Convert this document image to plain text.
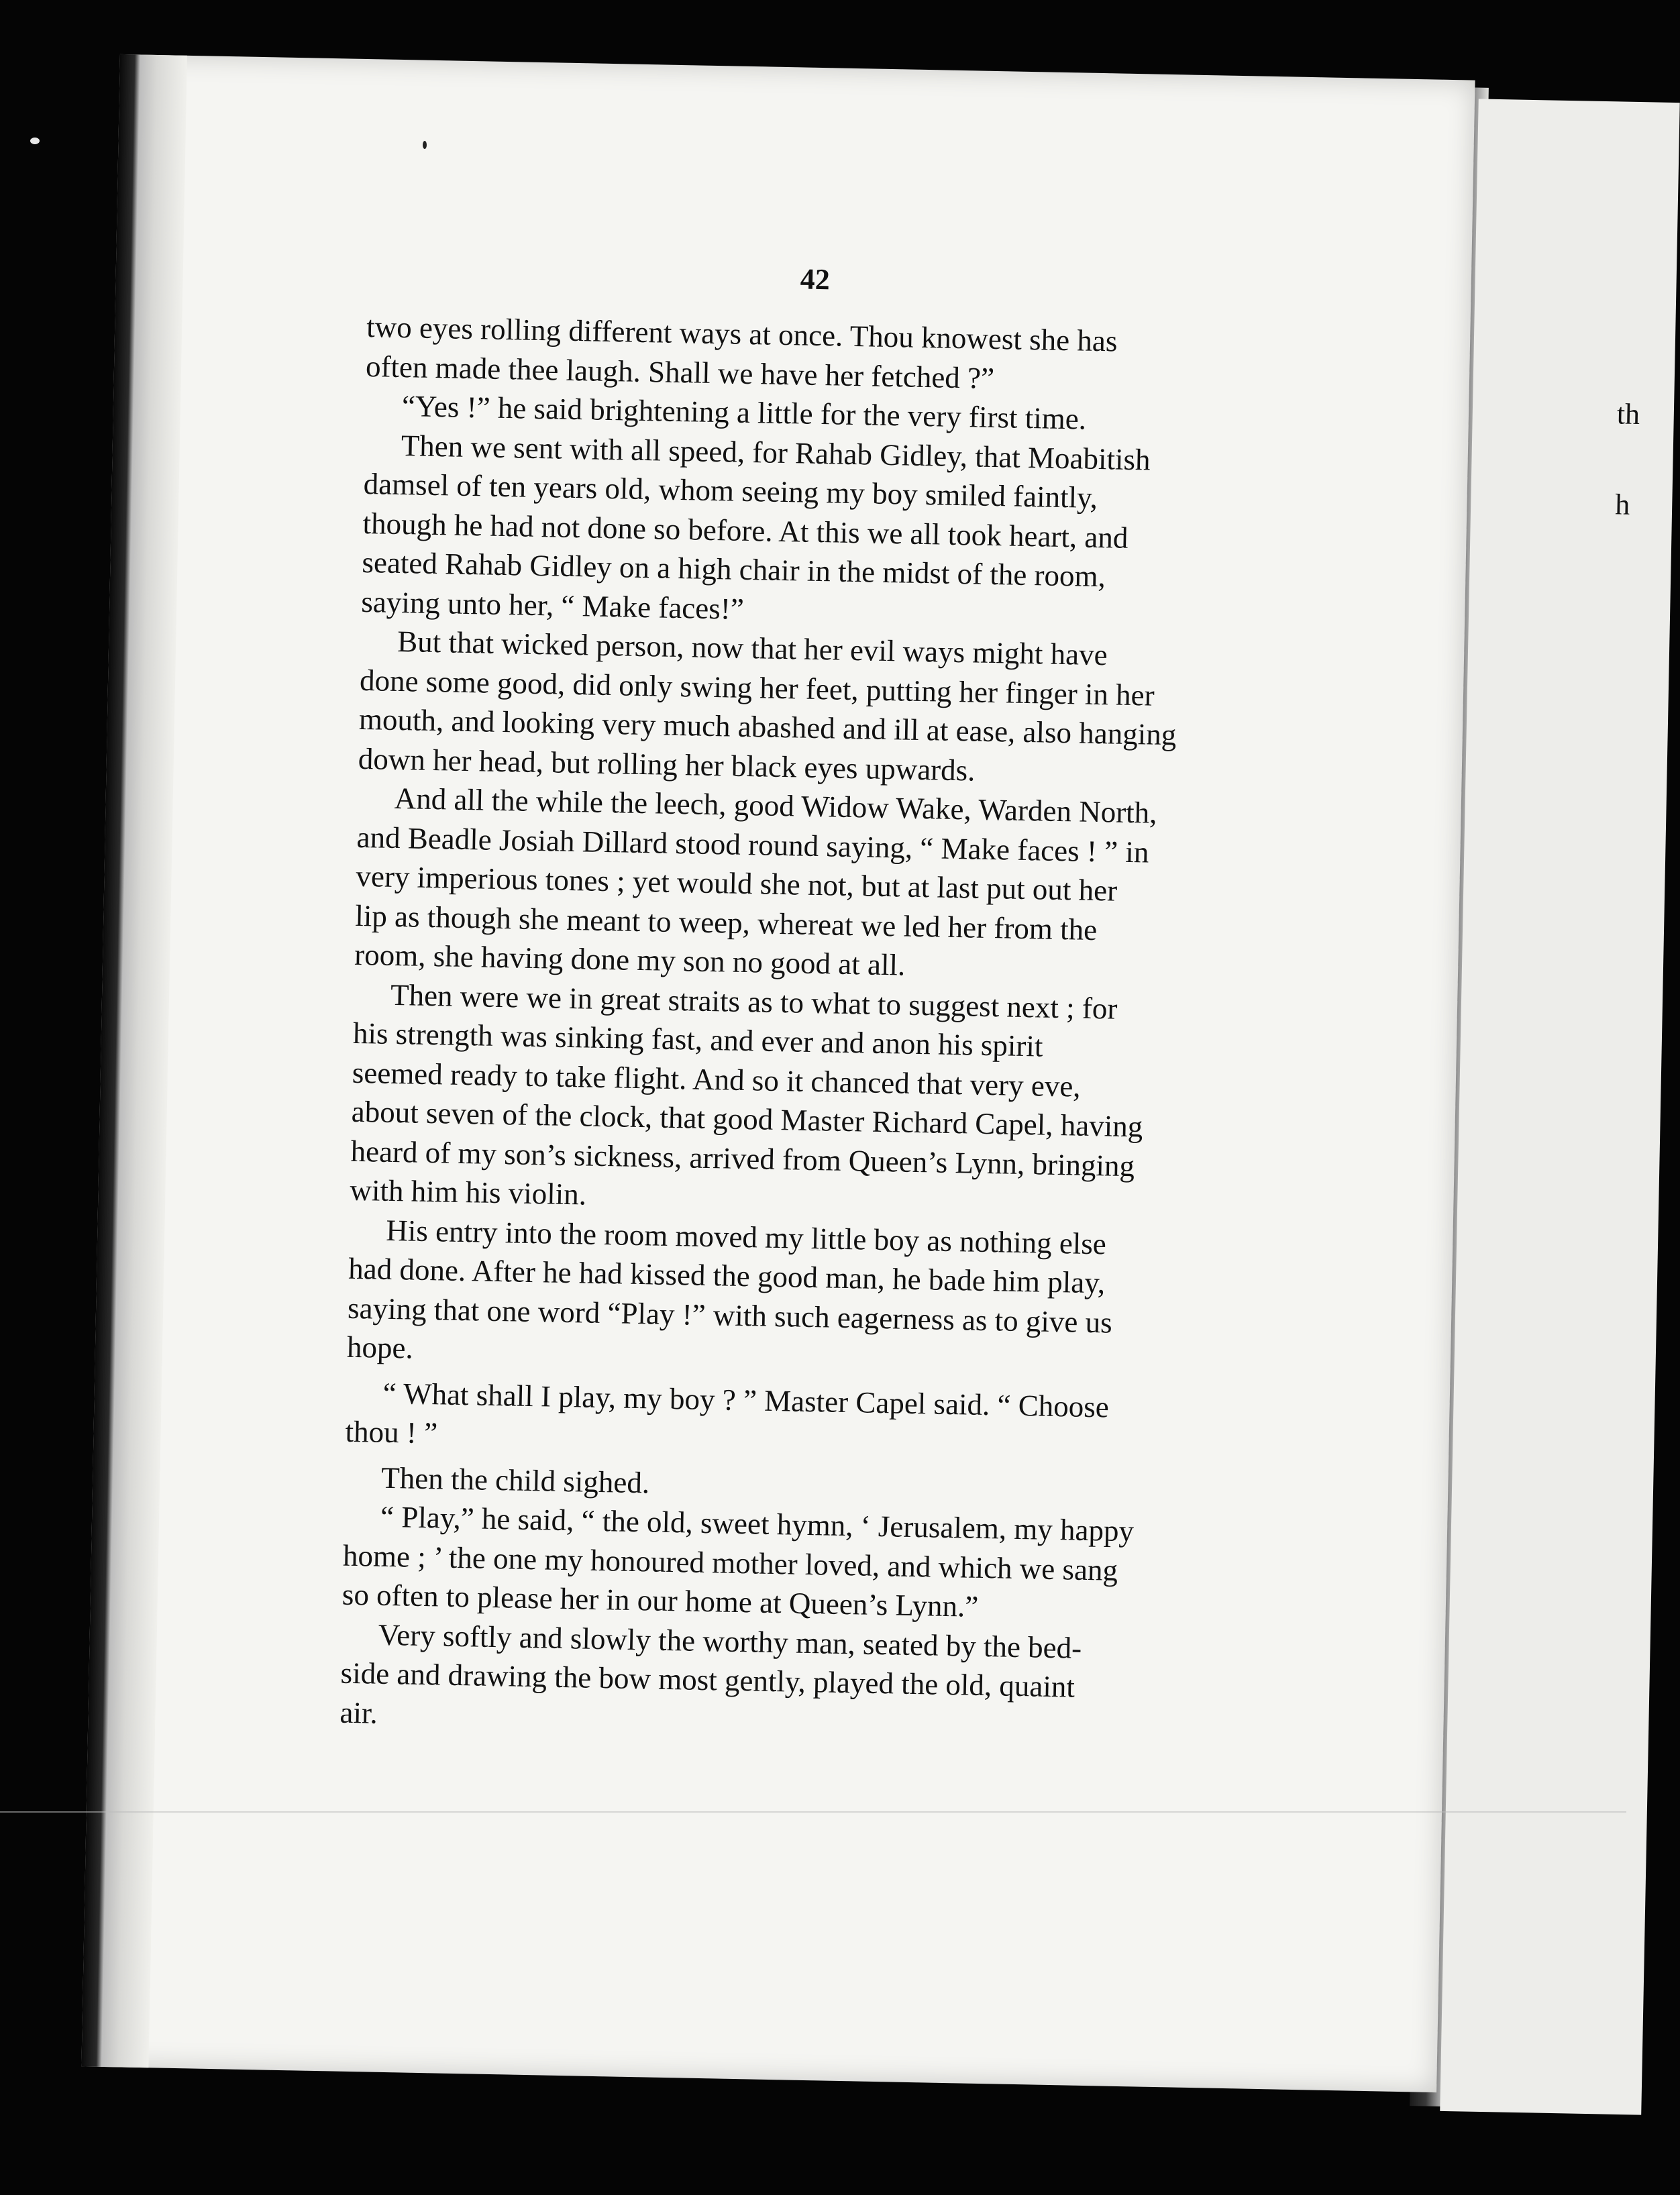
th
h
42
two eyes rolling different ways at once. Thou knowest she has
often made thee laugh. Shall we have her fetched ?”
“Yes !” he said brightening a little for the very first time.
Then we sent with all speed, for Rahab Gidley, that Moabitish
damsel of ten years old, whom seeing my boy smiled faintly,
though he had not done so before. At this we all took heart, and
seated Rahab Gidley on a high chair in the midst of the room,
saying unto her, “ Make faces!”
But that wicked person, now that her evil ways might have
done some good, did only swing her feet, putting her finger in her
mouth, and looking very much abashed and ill at ease, also hanging
down her head, but rolling her black eyes upwards.
And all the while the leech, good Widow Wake, Warden North,
and Beadle Josiah Dillard stood round saying, “ Make faces ! ” in
very imperious tones ; yet would she not, but at last put out her
lip as though she meant to weep, whereat we led her from the
room, she having done my son no good at all.
Then were we in great straits as to what to suggest next ; for
his strength was sinking fast, and ever and anon his spirit
seemed ready to take flight. And so it chanced that very eve,
about seven of the clock, that good Master Richard Capel, having
heard of my son’s sickness, arrived from Queen’s Lynn, bringing
with him his violin.
His entry into the room moved my little boy as nothing else
had done. After he had kissed the good man, he bade him play,
saying that one word “Play !” with such eagerness as to give us
hope.
“ What shall I play, my boy ? ” Master Capel said. “ Choose
thou ! ”
Then the child sighed.
“ Play,” he said, “ the old, sweet hymn, ‘ Jerusalem, my happy
home ; ’ the one my honoured mother loved, and which we sang
so often to please her in our home at Queen’s Lynn.”
Very softly and slowly the worthy man, seated by the bed-
side and drawing the bow most gently, played the old, quaint
air.
